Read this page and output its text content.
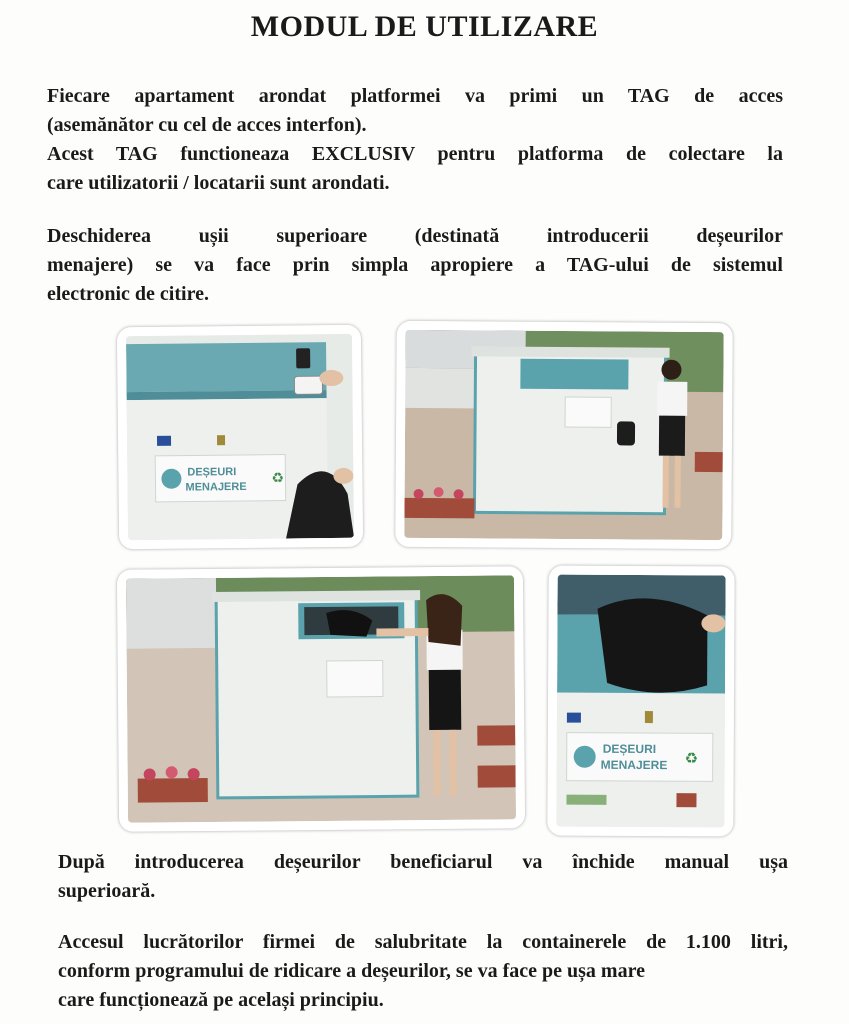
MODUL DE UTILIZARE
Fiecare apartament arondat platformei va primi un TAG de acces
(asemănător cu cel de acces interfon).
Acest TAG functioneaza EXCLUSIV pentru platforma de colectare la
care utilizatorii / locatarii sunt arondati.
Deschiderea ușii superioare (destinată introducerii deșeurilor
menajere) se va face prin simpla apropiere a TAG-ului de sistemul
electronic de citire.
DEȘEURI
MENAJERE
♻
DEȘEURI
MENAJERE ♻
După introducerea deșeurilor beneficiarul va închide manual ușa
superioară.
Accesul lucrătorilor firmei de salubritate la containerele de 1.100 litri,
conform programului de ridicare a deșeurilor, se va face pe ușa mare
care funcționează pe același principiu.
